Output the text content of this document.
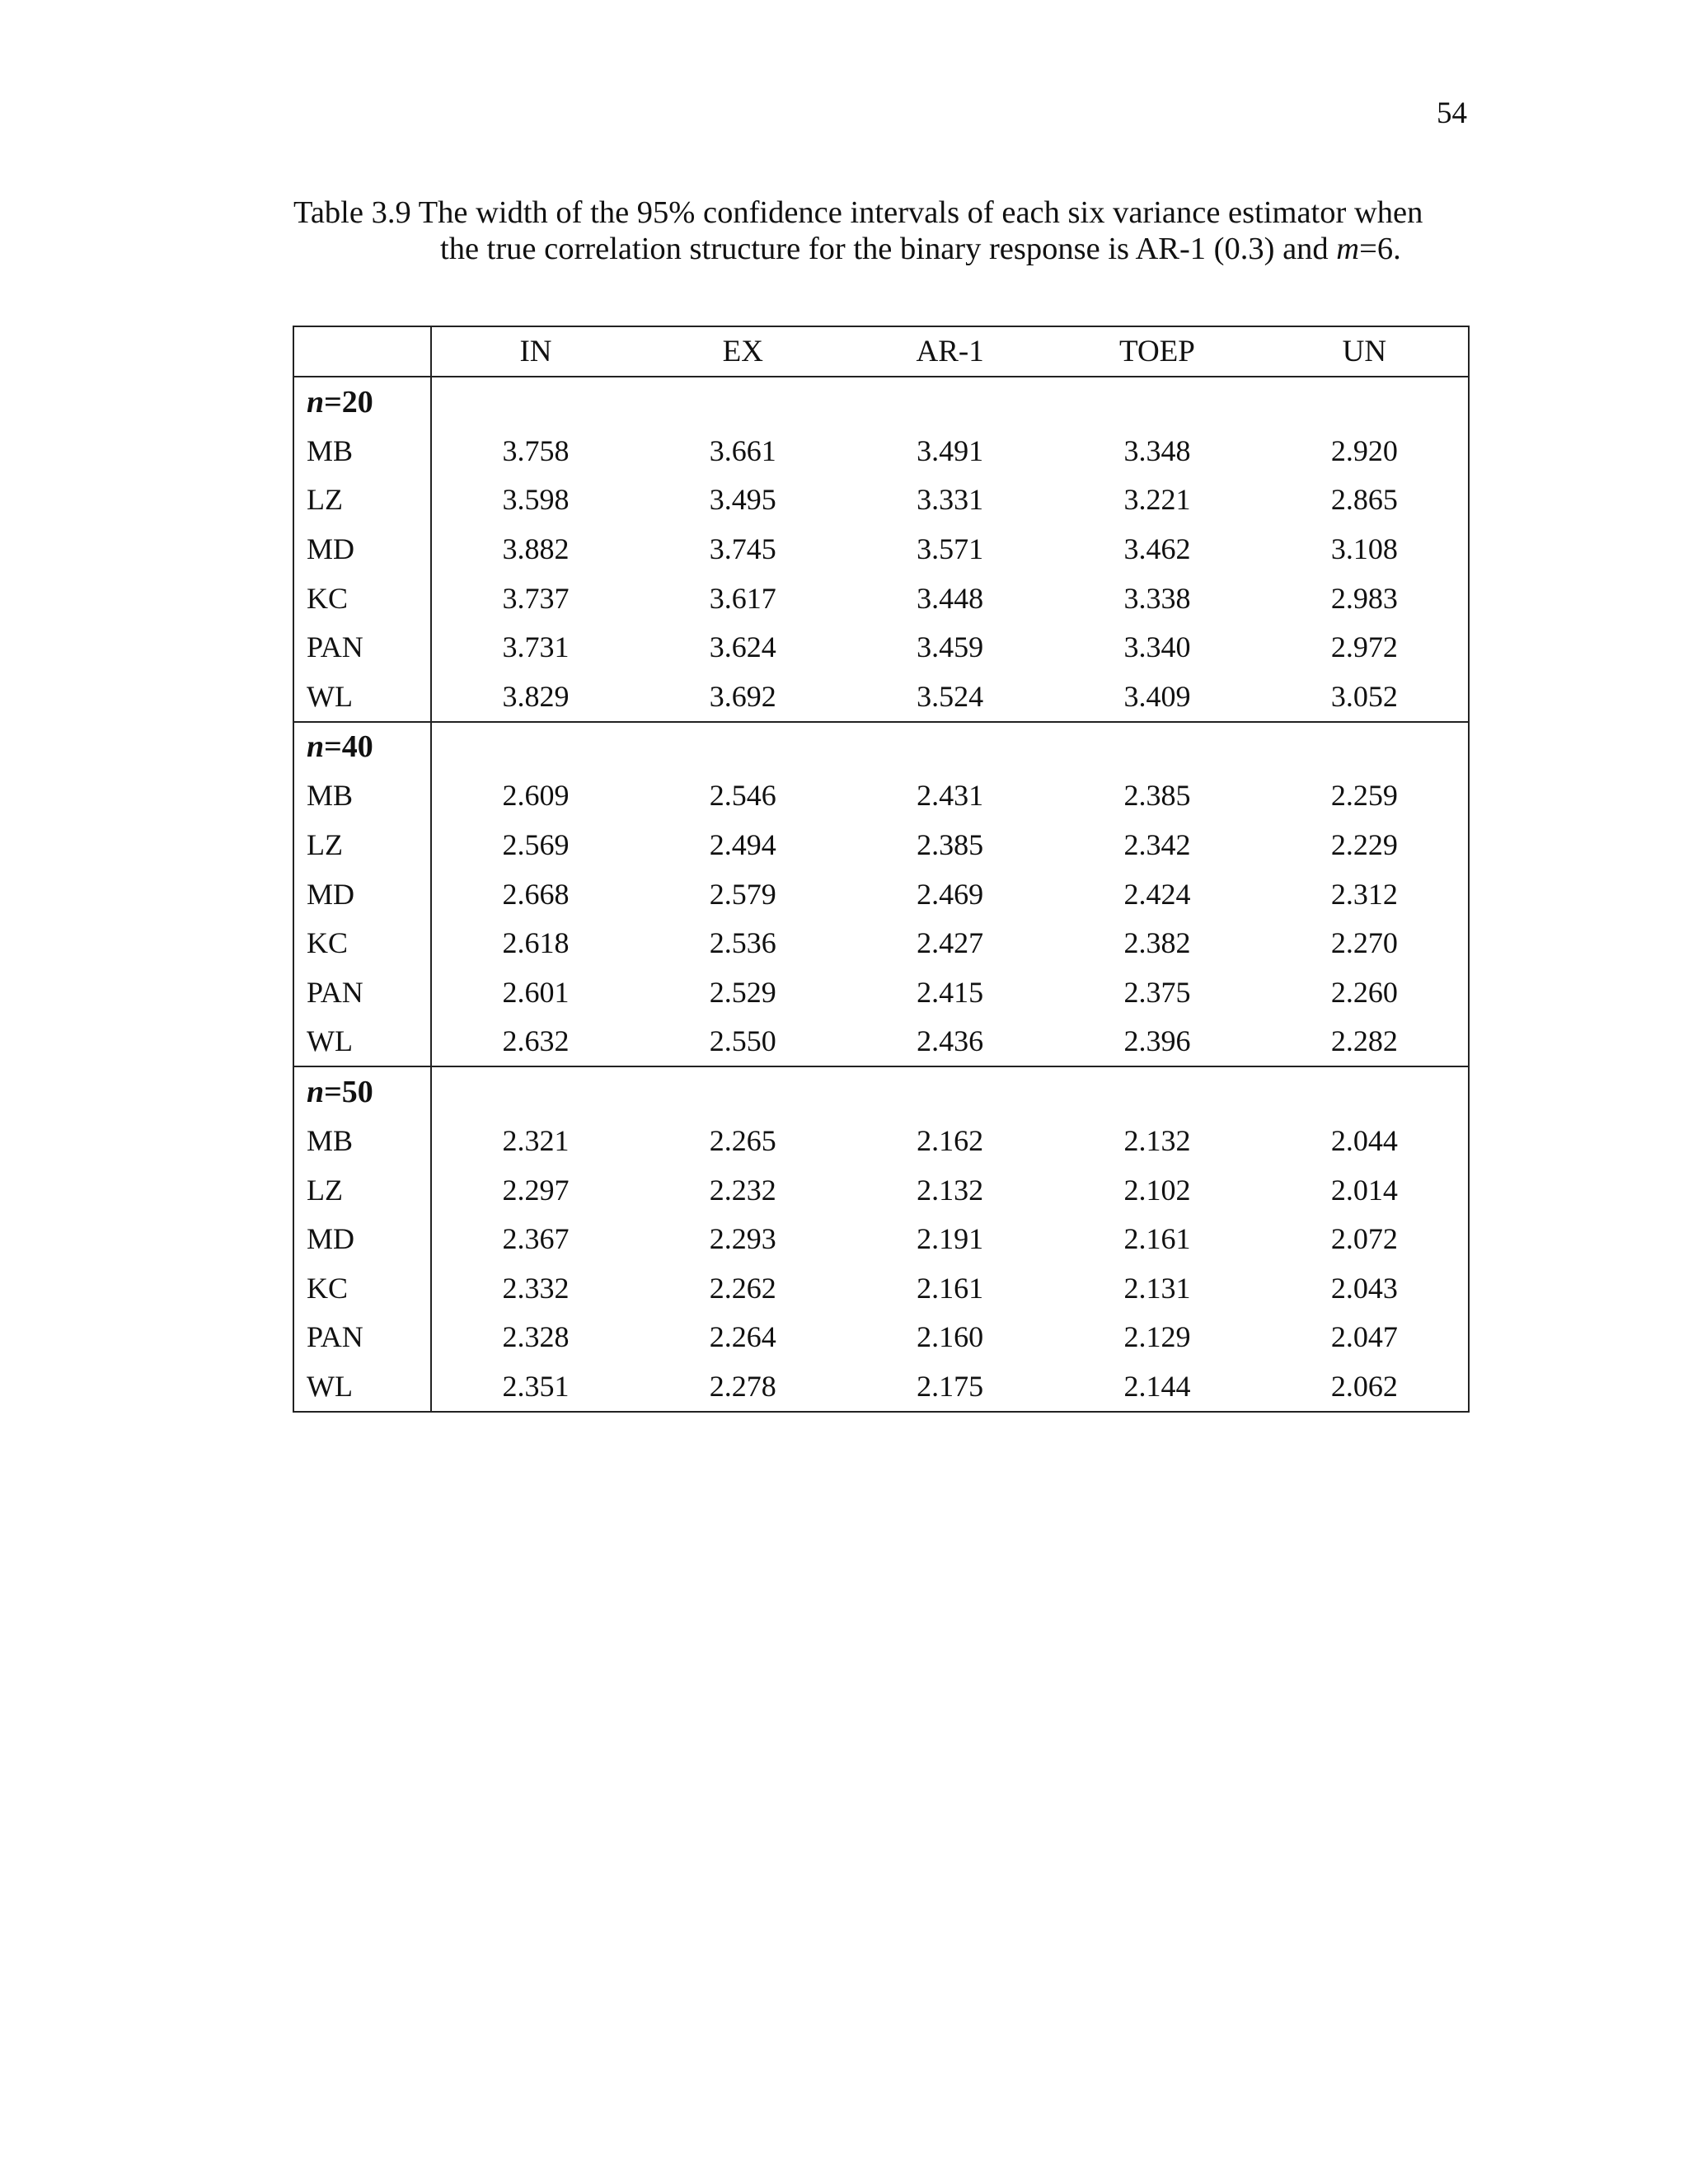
54
Table 3.9 The width of the 95% confidence intervals of each six variance estimator when
the true correlation structure for the binary response is AR-1 (0.3) and m=6.
	IN	EX	AR-1	TOEP	UN
n=20					
MB	3.758	3.661	3.491	3.348	2.920
LZ	3.598	3.495	3.331	3.221	2.865
MD	3.882	3.745	3.571	3.462	3.108
KC	3.737	3.617	3.448	3.338	2.983
PAN	3.731	3.624	3.459	3.340	2.972
WL	3.829	3.692	3.524	3.409	3.052
n=40					
MB	2.609	2.546	2.431	2.385	2.259
LZ	2.569	2.494	2.385	2.342	2.229
MD	2.668	2.579	2.469	2.424	2.312
KC	2.618	2.536	2.427	2.382	2.270
PAN	2.601	2.529	2.415	2.375	2.260
WL	2.632	2.550	2.436	2.396	2.282
n=50					
MB	2.321	2.265	2.162	2.132	2.044
LZ	2.297	2.232	2.132	2.102	2.014
MD	2.367	2.293	2.191	2.161	2.072
KC	2.332	2.262	2.161	2.131	2.043
PAN	2.328	2.264	2.160	2.129	2.047
WL	2.351	2.278	2.175	2.144	2.062
